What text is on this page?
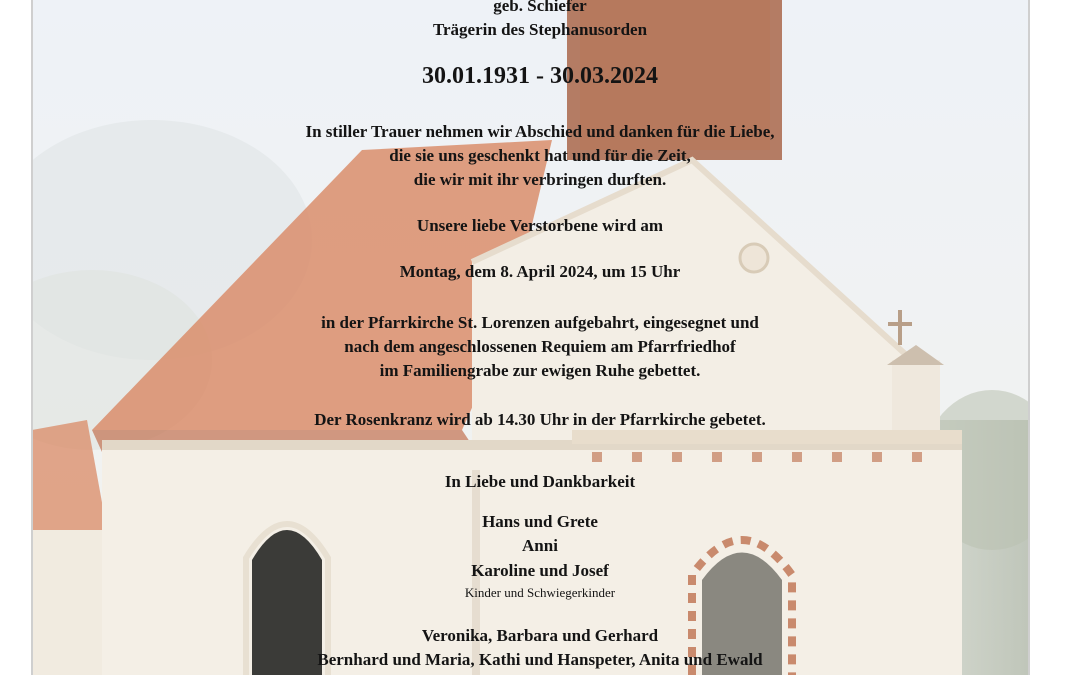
geb. Schiefer
Trägerin des Stephanusorden
30.01.1931 - 30.03.2024
In stiller Trauer nehmen wir Abschied und danken für die Liebe,
die sie uns geschenkt hat und für die Zeit,
die wir mit ihr verbringen durften.
Unsere liebe Verstorbene wird am
Montag, dem 8. April 2024, um 15 Uhr
in der Pfarrkirche St. Lorenzen aufgebahrt, eingesegnet und
nach dem angeschlossenen Requiem am Pfarrfriedhof
im Familiengrabe zur ewigen Ruhe gebettet.
Der Rosenkranz wird ab 14.30 Uhr in der Pfarrkirche gebetet.
In Liebe und Dankbarkeit
Hans und Grete
Anni
Karoline und Josef
Kinder und Schwiegerkinder
Veronika, Barbara und Gerhard
Bernhard und Maria, Kathi und Hanspeter, Anita und Ewald
